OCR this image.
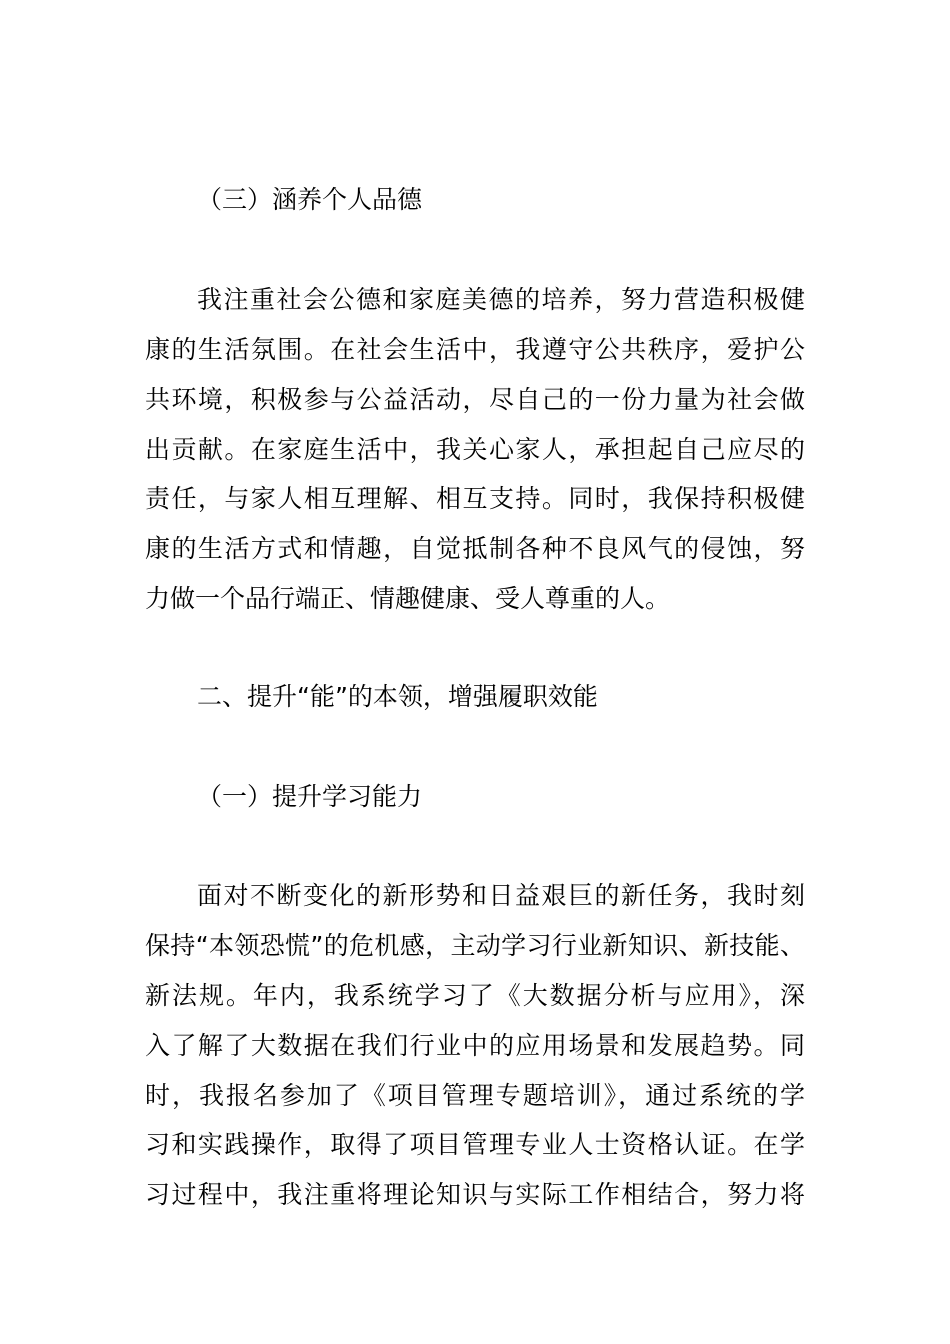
（三）涵养个人品德
我注重社会公德和家庭美德的培养，努力营造积极健
康的生活氛围。在社会生活中，我遵守公共秩序，爱护公
共环境，积极参与公益活动，尽自己的一份力量为社会做
出贡献。在家庭生活中，我关心家人，承担起自己应尽的
责任，与家人相互理解、相互支持。同时，我保持积极健
康的生活方式和情趣，自觉抵制各种不良风气的侵蚀，努
力做一个品行端正、情趣健康、受人尊重的人。
二、提升“能”的本领，增强履职效能
（一）提升学习能力
面对不断变化的新形势和日益艰巨的新任务，我时刻
保持“本领恐慌”的危机感，主动学习行业新知识、新技能、
新法规。年内，我系统学习了《大数据分析与应用》，深
入了解了大数据在我们行业中的应用场景和发展趋势。同
时，我报名参加了《项目管理专题培训》，通过系统的学
习和实践操作，取得了项目管理专业人士资格认证。在学
习过程中，我注重将理论知识与实际工作相结合，努力将
